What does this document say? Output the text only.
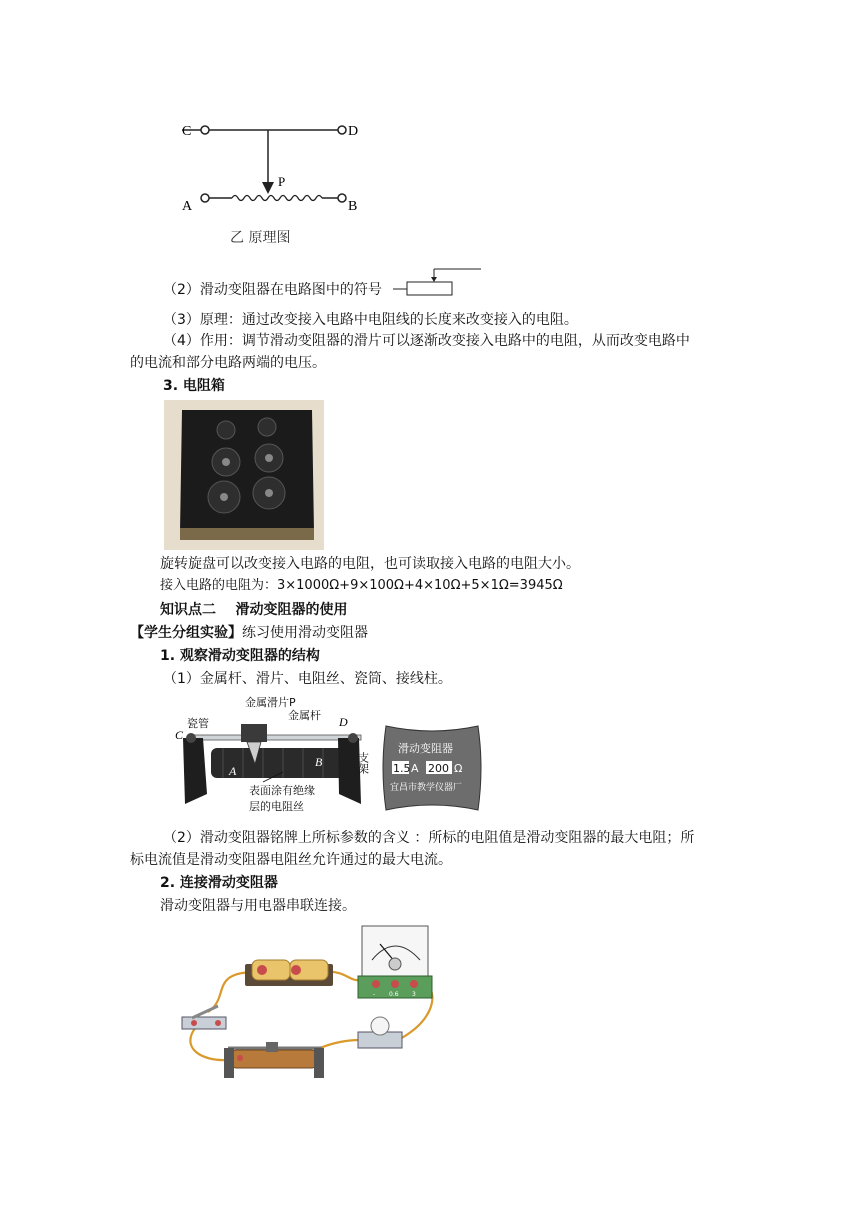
C	D
P
A	B
乙 原理图
（2）滑动变阻器在电路图中的符号
（3）原理：通过改变接入电路中电阻线的长度来改变接入的电阻。
（4）作用：调节滑动变阻器的滑片可以逐渐改变接入电路中的电阻，从而改变电路中
的电流和部分电路两端的电压。
3. 电阻箱
旋转旋盘可以改变接入电路的电阻，也可读取接入电路的电阻大小。
接入电路的电阻为：3×1000Ω+9×100Ω+4×10Ω+5×1Ω=3945Ω
知识点二    滑动变阻器的使用
【学生分组实验】练习使用滑动变阻器
1. 观察滑动变阻器的结构
（1）金属杆、滑片、电阻丝、瓷筒、接线柱。
金属滑片P
金属杆
瓷管
C
D
A
B	支架
表面涂有绝缘
层的电阻丝
滑动变阻器
1.5 A 200 Ω
宜昌市教学仪器厂
（2）滑动变阻器铭牌上所标参数的含义 ：所标的电阻值是滑动变阻器的最大电阻；所
标电流值是滑动变阻器电阻丝允许通过的最大电流。
2. 连接滑动变阻器
滑动变阻器与用电器串联连接。
- 0.6 3
